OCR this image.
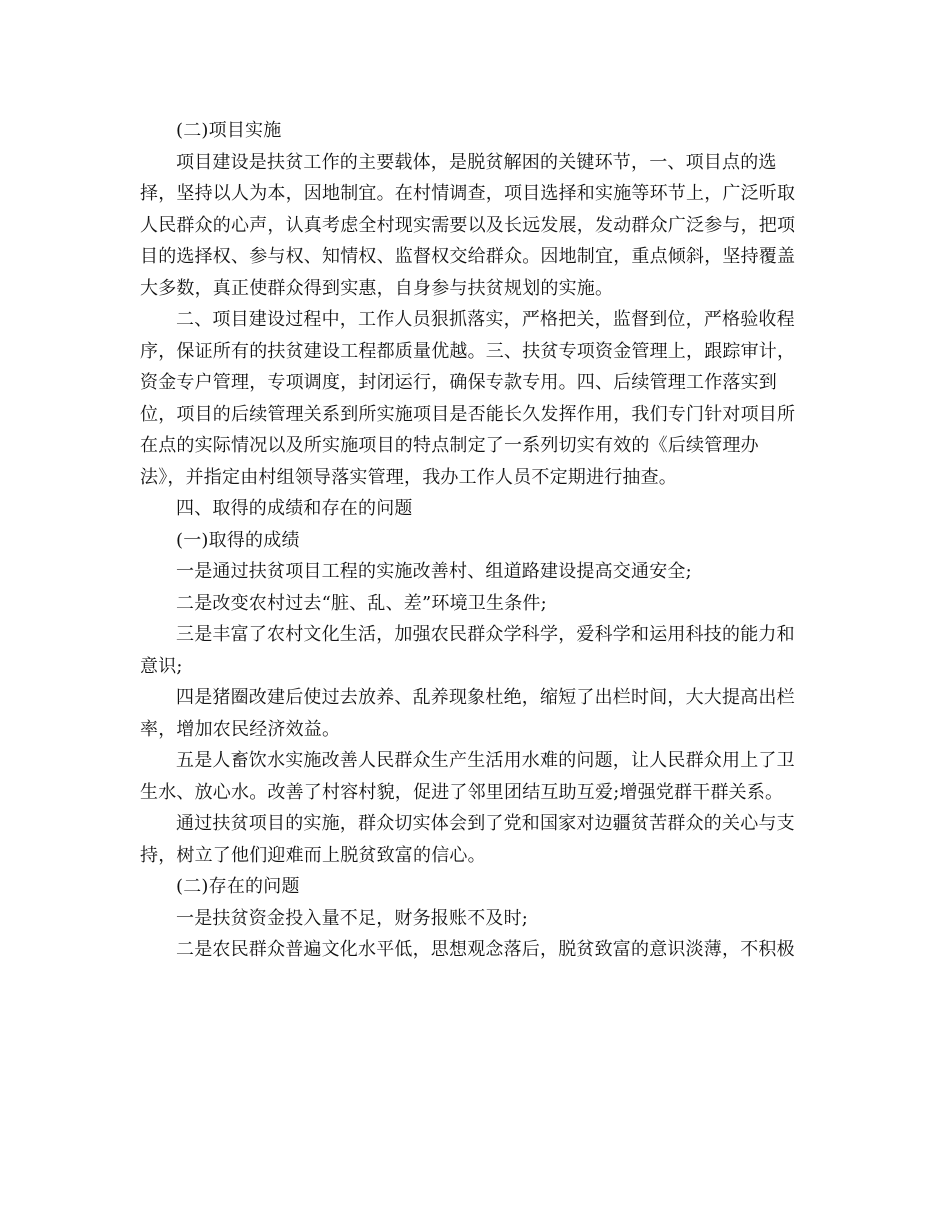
(二)项目实施
项目建设是扶贫工作的主要载体，是脱贫解困的关键环节，一、项目点的选
择，坚持以人为本，因地制宜。在村情调查，项目选择和实施等环节上，广泛听取
人民群众的心声，认真考虑全村现实需要以及长远发展，发动群众广泛参与，把项
目的选择权、参与权、知情权、监督权交给群众。因地制宜，重点倾斜，坚持覆盖
大多数，真正使群众得到实惠，自身参与扶贫规划的实施。
二、项目建设过程中，工作人员狠抓落实，严格把关，监督到位，严格验收程
序，保证所有的扶贫建设工程都质量优越。三、扶贫专项资金管理上，跟踪审计，
资金专户管理，专项调度，封闭运行，确保专款专用。四、后续管理工作落实到
位，项目的后续管理关系到所实施项目是否能长久发挥作用，我们专门针对项目所
在点的实际情况以及所实施项目的特点制定了一系列切实有效的《后续管理办
法》，并指定由村组领导落实管理，我办工作人员不定期进行抽查。
四、取得的成绩和存在的问题
(一)取得的成绩
一是通过扶贫项目工程的实施改善村、组道路建设提高交通安全;
二是改变农村过去“脏、乱、差”环境卫生条件;
三是丰富了农村文化生活，加强农民群众学科学，爱科学和运用科技的能力和
意识;
四是猪圈改建后使过去放养、乱养现象杜绝，缩短了出栏时间，大大提高出栏
率，增加农民经济效益。
五是人畜饮水实施改善人民群众生产生活用水难的问题，让人民群众用上了卫
生水、放心水。改善了村容村貌，促进了邻里团结互助互爱;增强党群干群关系。
通过扶贫项目的实施，群众切实体会到了党和国家对边疆贫苦群众的关心与支
持，树立了他们迎难而上脱贫致富的信心。
(二)存在的问题
一是扶贫资金投入量不足，财务报账不及时;
二是农民群众普遍文化水平低，思想观念落后，脱贫致富的意识淡薄，不积极
